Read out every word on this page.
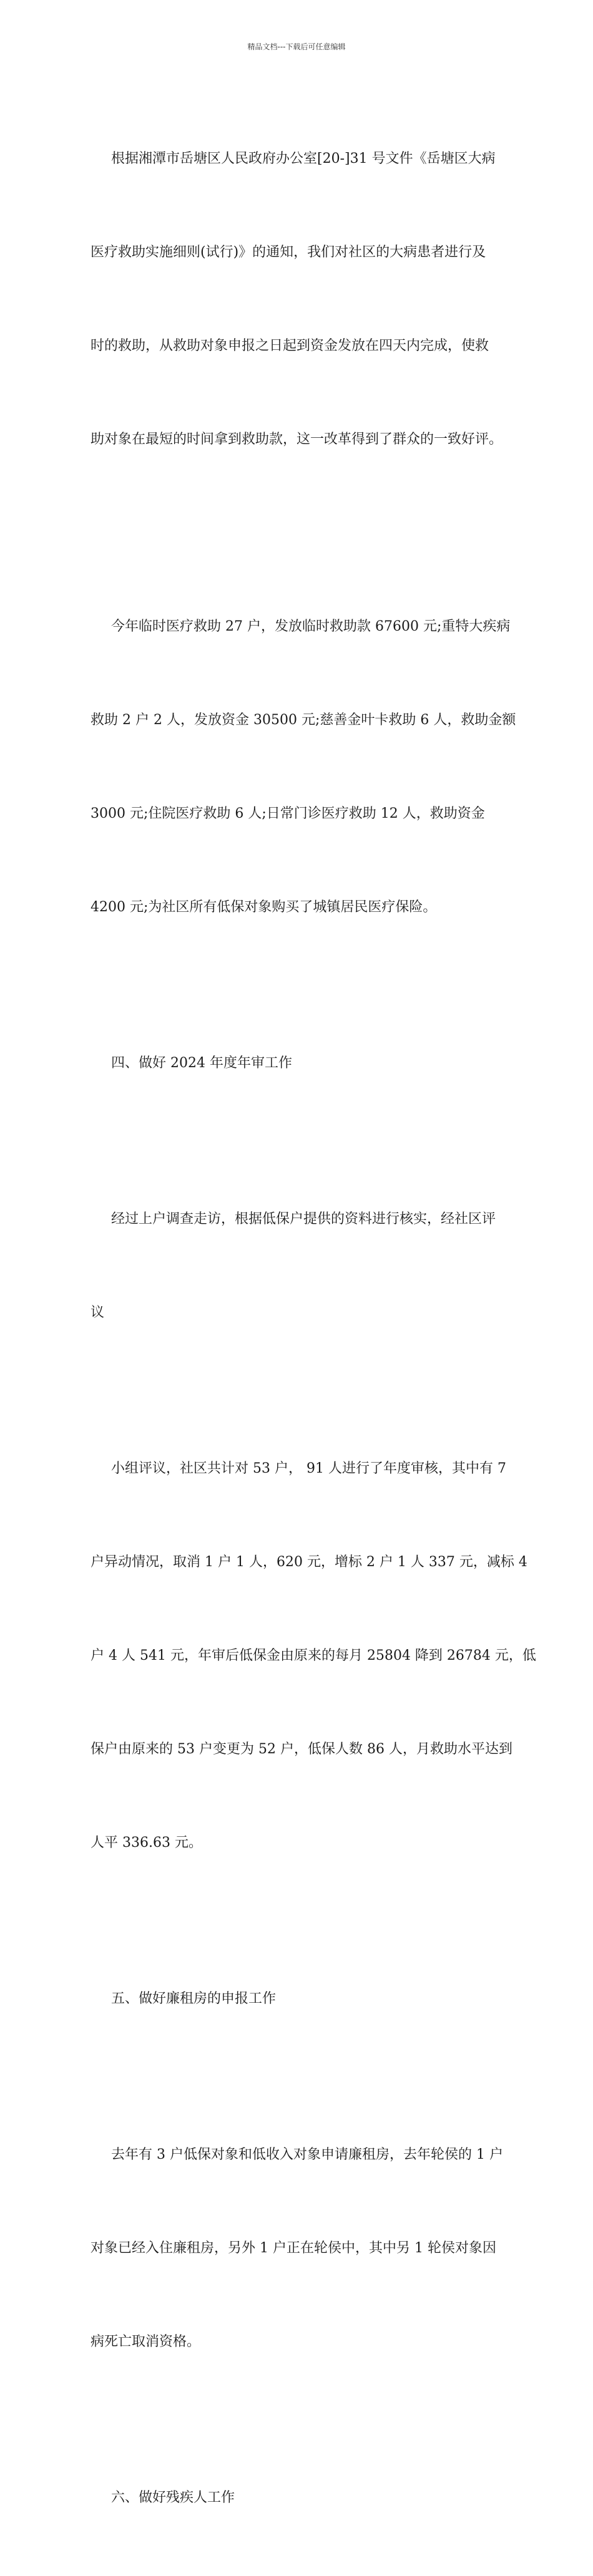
精品文档---下载后可任意编辑

根据湘潭市岳塘区人民政府办公室[20-]31 号文件《岳塘区大病

医疗救助实施细则(试行)》的通知，我们对社区的大病患者进行及

时的救助，从救助对象申报之日起到资金发放在四天内完成，使救

助对象在最短的时间拿到救助款，这一改革得到了群众的一致好评。

今年临时医疗救助 27 户，发放临时救助款 67600 元;重特大疾病

救助 2 户 2 人，发放资金 30500 元;慈善金叶卡救助 6 人，救助金额

3000 元;住院医疗救助 6 人;日常门诊医疗救助 12 人，救助资金

4200 元;为社区所有低保对象购买了城镇居民医疗保险。

四、做好 2024 年度年审工作

经过上户调查走访，根据低保户提供的资料进行核实，经社区评

议

小组评议，社区共计对 53 户， 91 人进行了年度审核，其中有 7

户异动情况，取消 1 户 1 人，620 元，增标 2 户 1 人 337 元，减标 4

户 4 人 541 元，年审后低保金由原来的每月 25804 降到 26784 元，低

保户由原来的 53 户变更为 52 户，低保人数 86 人，月救助水平达到

人平 336.63 元。

五、做好廉租房的申报工作

去年有 3 户低保对象和低收入对象申请廉租房，去年轮侯的 1 户

对象已经入住廉租房，另外 1 户正在轮侯中，其中另 1 轮侯对象因

病死亡取消资格。

六、做好残疾人工作
